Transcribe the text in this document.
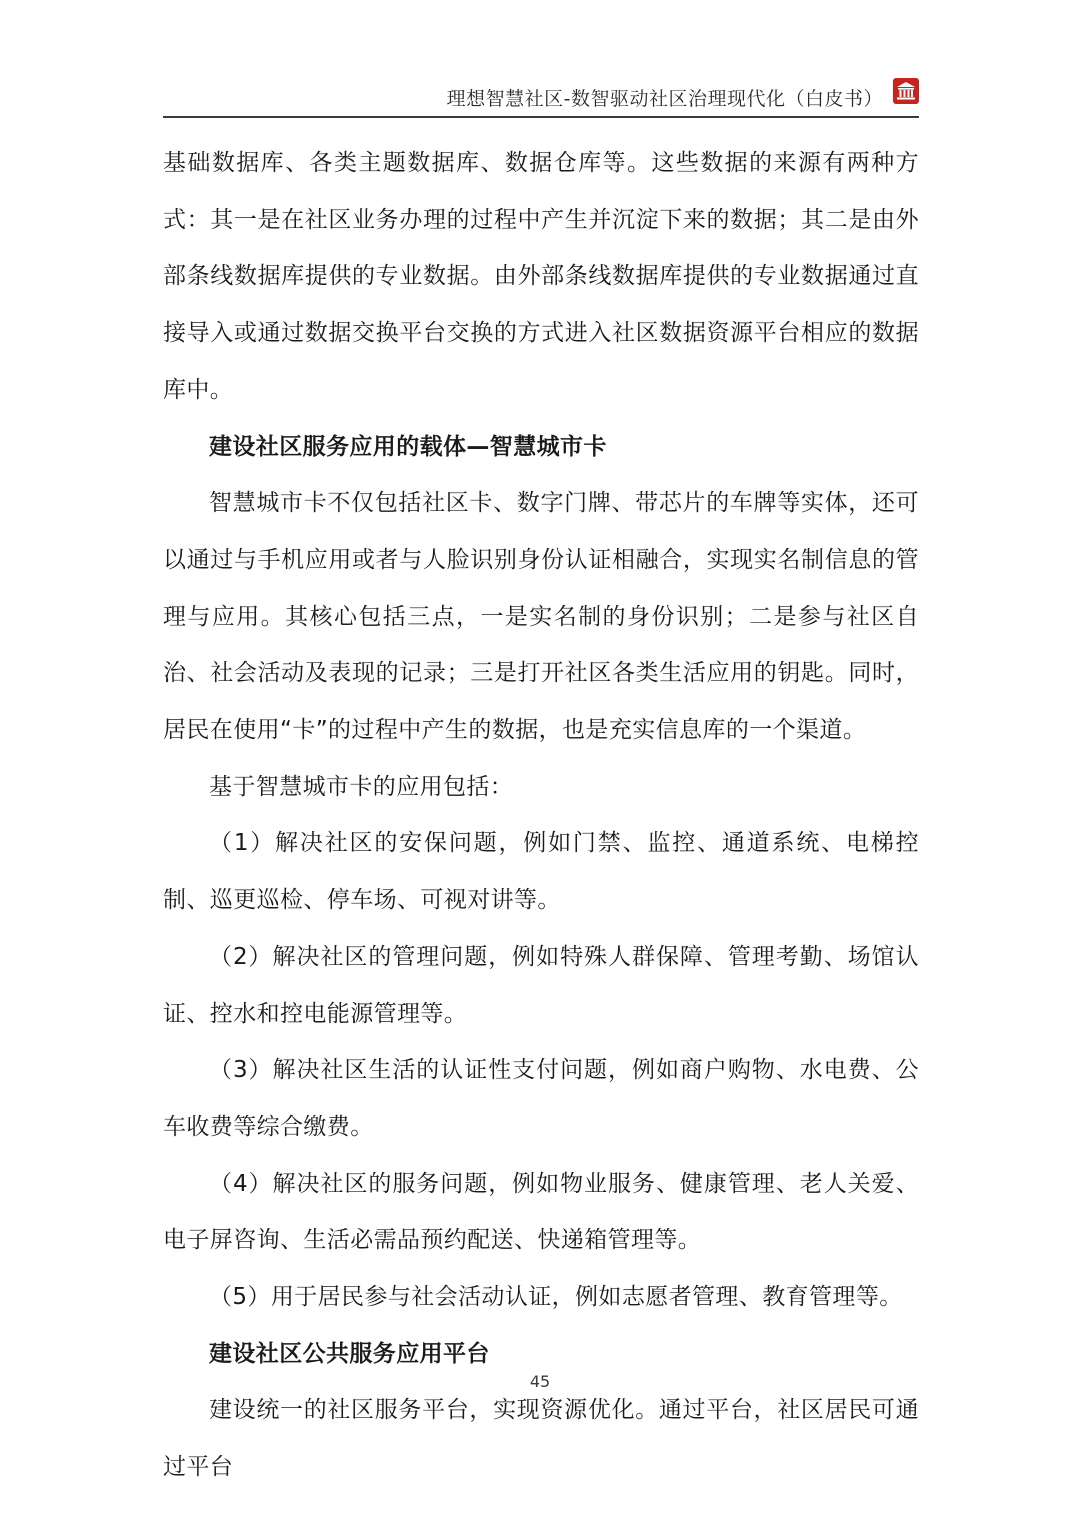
理想智慧社区-数智驱动社区治理现代化（白皮书）

基础数据库、各类主题数据库、数据仓库等。这些数据的来源有两种方式：其一是在社区业务办理的过程中产生并沉淀下来的数据；其二是由外部条线数据库提供的专业数据。由外部条线数据库提供的专业数据通过直接导入或通过数据交换平台交换的方式进入社区数据资源平台相应的数据库中。

建设社区服务应用的载体—智慧城市卡

智慧城市卡不仅包括社区卡、数字门牌、带芯片的车牌等实体，还可以通过与手机应用或者与人脸识别身份认证相融合，实现实名制信息的管理与应用。其核心包括三点，一是实名制的身份识别；二是参与社区自治、社会活动及表现的记录；三是打开社区各类生活应用的钥匙。同时，居民在使用“卡”的过程中产生的数据，也是充实信息库的一个渠道。

基于智慧城市卡的应用包括：

（1）解决社区的安保问题，例如门禁、监控、通道系统、电梯控制、巡更巡检、停车场、可视对讲等。

（2）解决社区的管理问题，例如特殊人群保障、管理考勤、场馆认证、控水和控电能源管理等。

（3）解决社区生活的认证性支付问题，例如商户购物、水电费、公车收费等综合缴费。

（4）解决社区的服务问题，例如物业服务、健康管理、老人关爱、电子屏咨询、生活必需品预约配送、快递箱管理等。

（5）用于居民参与社会活动认证，例如志愿者管理、教育管理等。

建设社区公共服务应用平台

建设统一的社区服务平台，实现资源优化。通过平台，社区居民可通过平台

45
